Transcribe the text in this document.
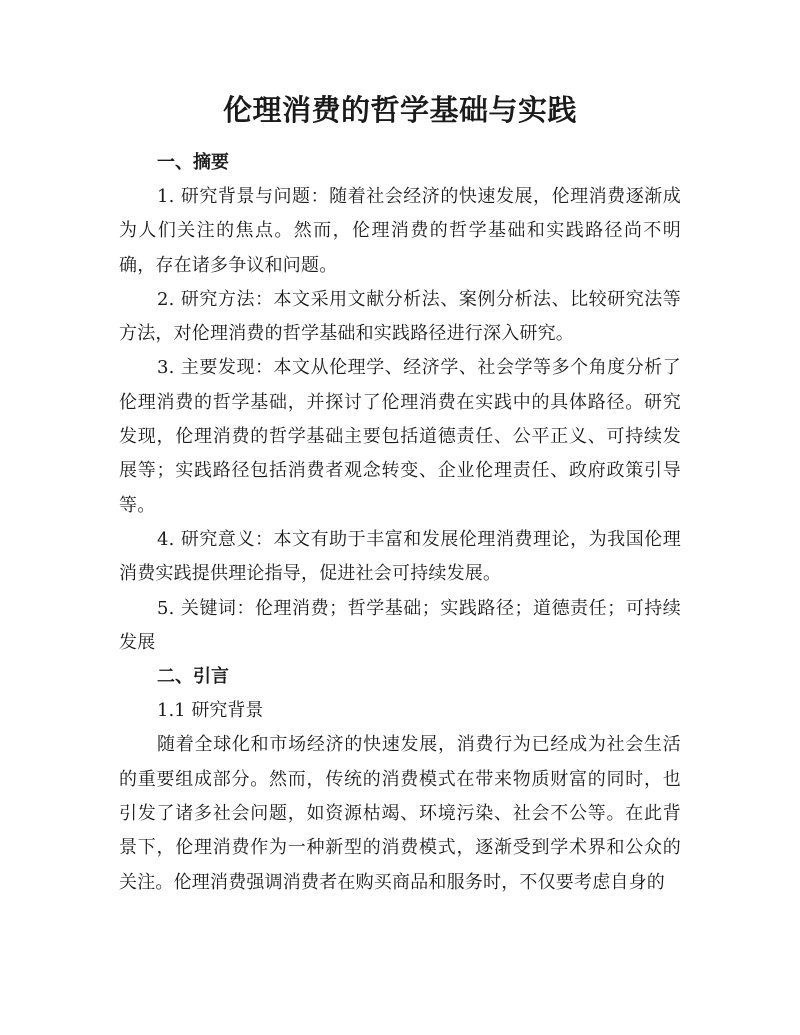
伦理消费的哲学基础与实践
一、摘要

1. 研究背景与问题：随着社会经济的快速发展，伦理消费逐渐成为人们关注的焦点。然而，伦理消费的哲学基础和实践路径尚不明确，存在诸多争议和问题。

2. 研究方法：本文采用文献分析法、案例分析法、比较研究法等方法，对伦理消费的哲学基础和实践路径进行深入研究。

3. 主要发现：本文从伦理学、经济学、社会学等多个角度分析了伦理消费的哲学基础，并探讨了伦理消费在实践中的具体路径。研究发现，伦理消费的哲学基础主要包括道德责任、公平正义、可持续发展等；实践路径包括消费者观念转变、企业伦理责任、政府政策引导等。

4. 研究意义：本文有助于丰富和发展伦理消费理论，为我国伦理消费实践提供理论指导，促进社会可持续发展。

5. 关键词：伦理消费；哲学基础；实践路径；道德责任；可持续发展

二、引言

1.1 研究背景

随着全球化和市场经济的快速发展，消费行为已经成为社会生活的重要组成部分。然而，传统的消费模式在带来物质财富的同时，也引发了诸多社会问题，如资源枯竭、环境污染、社会不公等。在此背景下，伦理消费作为一种新型的消费模式，逐渐受到学术界和公众的关注。伦理消费强调消费者在购买商品和服务时，不仅要考虑自身的
